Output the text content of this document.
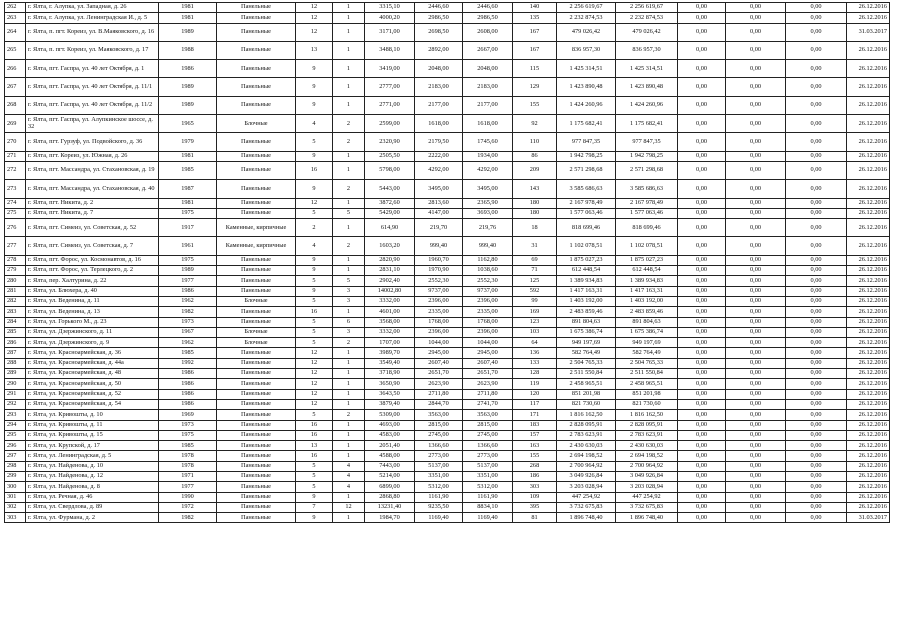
262	г. Ялта, г. Алупка, ул. Западная, д. 26	1981	Панельные	12	1	3315,10	2446,60	2446,60	140	2 256 619,67	2 256 619,67	0,00	0,00	0,00	26.12.2016
263	г. Ялта, г. Алупка, ул. Ленинградская И., д. 5	1981	Панельные	12	1	4000,20	2986,50	2986,50	135	2 232 874,53	2 232 874,53	0,00	0,00	0,00	26.12.2016
264	г. Ялта, п. пгт. Кореиз, ул. В.Маяковского, д. 16	1989	Панельные	12	1	3171,00	2698,50	2608,00	167	479 026,42	479 026,42	0,00	0,00	0,00	31.03.2017
265	г. Ялта, п. пгт. Кореиз, ул. Маяковского, д. 17	1988	Панельные	13	1	3488,10	2892,00	2667,00	167	836 957,30	836 957,30	0,00	0,00	0,00	26.12.2016
266	г. Ялта, пгт. Гаспра, ул. 40 лет Октября, д. 1	1986	Панельные	9	1	3419,00	2048,00	2048,00	115	1 425 314,51	1 425 314,51	0,00	0,00	0,00	26.12.2016
267	г. Ялта, пгт. Гаспра, ул. 40 лет Октября, д. 11/1	1989	Панельные	9	1	2777,00	2183,00	2183,00	129	1 423 890,48	1 423 890,48	0,00	0,00	0,00	26.12.2016
268	г. Ялта, пгт. Гаспра, ул. 40 лет Октября, д. 11/2	1989	Панельные	9	1	2771,00	2177,00	2177,00	155	1 424 260,96	1 424 260,96	0,00	0,00	0,00	26.12.2016
269	г. Ялта, пгт. Гаспра, ул. Алупкинское шоссе, д. 32	1965	Блочные	4	2	2599,00	1618,00	1618,00	92	1 175 682,41	1 175 682,41	0,00	0,00	0,00	26.12.2016
270	г. Ялта, пгт. Гурзуф, ул. Подвойского, д. 36	1979	Панельные	5	2	2320,90	2179,50	1745,60	110	977 847,35	977 847,35	0,00	0,00	0,00	26.12.2016
271	г. Ялта, пгт. Кореиз, ул. Южная, д. 26	1981	Панельные	9	1	2505,50	2222,00	1934,00	86	1 942 798,25	1 942 798,25	0,00	0,00	0,00	26.12.2016
272	г. Ялта, пгт. Массандра, ул. Стахановская, д. 19	1985	Панельные	16	1	5798,00	4292,00	4292,00	209	2 571 298,68	2 571 298,68	0,00	0,00	0,00	26.12.2016
273	г. Ялта, пгт. Массандра, ул. Стахановская, д. 40	1987	Панельные	9	2	5443,00	3495,00	3495,00	143	3 585 686,63	3 585 686,63	0,00	0,00	0,00	26.12.2016
274	г. Ялта, пгт. Никита, д. 2	1981	Панельные	12	1	3872,60	2813,60	2365,90	180	2 167 978,49	2 167 978,49	0,00	0,00	0,00	26.12.2016
275	г. Ялта, пгт. Никита, д. 7	1975	Панельные	5	5	5429,00	4147,00	3693,00	180	1 577 063,46	1 577 063,46	0,00	0,00	0,00	26.12.2016
276	г. Ялта, пгт. Симеиз, ул. Советская, д. 52	1917	Каменные, кирпичные	2	1	614,90	219,70	219,76	18	818 699,46	818 699,46	0,00	0,00	0,00	26.12.2016
277	г. Ялта, пгт. Симеиз, ул. Советская, д. 7	1961	Каменные, кирпичные	4	2	1603,20	999,40	999,40	31	1 102 078,51	1 102 078,51	0,00	0,00	0,00	26.12.2016
278	г. Ялта, пгт. Форос, ул. Космонавтов, д. 16	1975	Панельные	9	1	2820,90	1960,70	1162,80	69	1 875 027,23	1 875 027,23	0,00	0,00	0,00	26.12.2016
279	г. Ялта, пгт. Форос, ул. Терлецкого, д. 2	1989	Панельные	9	1	2831,10	1970,90	1038,60	71	612 448,54	612 448,54	0,00	0,00	0,00	26.12.2016
280	г. Ялта, пер. Халтурина, д. 22	1977	Панельные	5	5	2902,40	2552,30	2552,30	125	1 389 934,83	1 389 934,83	0,00	0,00	0,00	26.12.2016
281	г. Ялта, ул. Блюхера, д. 40	1986	Панельные	9	3	14002,80	9737,00	9737,00	592	1 417 163,31	1 417 163,31	0,00	0,00	0,00	26.12.2016
282	г. Ялта, ул. Веденина, д. 11	1962	Блочные	5	3	3332,00	2396,00	2396,00	99	1 403 192,00	1 403 192,00	0,00	0,00	0,00	26.12.2016
283	г. Ялта, ул. Веденина, д. 13	1982	Панельные	16	1	4601,00	2335,00	2335,00	169	2 483 859,46	2 483 859,46	0,00	0,00	0,00	26.12.2016
284	г. Ялта, ул. Горького М., д. 23	1973	Панельные	5	6	3568,00	1768,00	1768,00	123	891 804,63	891 804,63	0,00	0,00	0,00	26.12.2016
285	г. Ялта, ул. Дзержинского, д. 11	1967	Блочные	5	3	3332,00	2396,00	2396,00	103	1 675 386,74	1 675 386,74	0,00	0,00	0,00	26.12.2016
286	г. Ялта, ул. Дзержинского, д. 9	1962	Блочные	5	2	1707,00	1044,00	1044,00	64	949 197,69	949 197,69	0,00	0,00	0,00	26.12.2016
287	г. Ялта, ул. Красноармейская, д. 36	1985	Панельные	12	1	3989,70	2945,00	2945,00	136	582 764,49	582 764,49	0,00	0,00	0,00	26.12.2016
288	г. Ялта, ул. Красноармейская, д. 44а	1992	Панельные	12	1	3549,40	2607,40	2607,40	133	2 504 765,33	2 504 765,33	0,00	0,00	0,00	26.12.2016
289	г. Ялта, ул. Красноармейская, д. 48	1986	Панельные	12	1	3718,90	2651,70	2651,70	128	2 511 550,84	2 511 550,84	0,00	0,00	0,00	26.12.2016
290	г. Ялта, ул. Красноармейская, д. 50	1986	Панельные	12	1	3650,90	2623,90	2623,90	119	2 458 965,51	2 458 965,51	0,00	0,00	0,00	26.12.2016
291	г. Ялта, ул. Красноармейская, д. 52	1986	Панельные	12	1	3643,50	2711,80	2711,80	120	851 201,98	851 201,98	0,00	0,00	0,00	26.12.2016
292	г. Ялта, ул. Красноармейская, д. 54	1986	Панельные	12	1	3879,40	2844,70	2741,70	117	821 730,60	821 730,60	0,00	0,00	0,00	26.12.2016
293	г. Ялта, ул. Кривошты, д. 10	1969	Панельные	5	2	5309,00	3563,00	3563,00	171	1 816 162,50	1 816 162,50	0,00	0,00	0,00	26.12.2016
294	г. Ялта, ул. Кривошты, д. 11	1973	Панельные	16	1	4693,00	2815,00	2815,00	183	2 828 095,91	2 828 095,91	0,00	0,00	0,00	26.12.2016
295	г. Ялта, ул. Кривошты, д. 15	1975	Панельные	16	1	4583,00	2745,00	2745,00	157	2 783 623,91	2 783 623,91	0,00	0,00	0,00	26.12.2016
296	г. Ялта, ул. Крупской, д. 17	1985	Панельные	13	1	2051,40	1366,60	1366,60	163	2 430 630,03	2 430 630,03	0,00	0,00	0,00	26.12.2016
297	г. Ялта, ул. Ленинградская, д. 5	1978	Панельные	16	1	4588,00	2773,00	2773,00	155	2 694 198,52	2 694 198,52	0,00	0,00	0,00	26.12.2016
298	г. Ялта, ул. Найденова, д. 10	1978	Панельные	5	4	7443,00	5137,00	5137,00	268	2 700 964,92	2 700 964,92	0,00	0,00	0,00	26.12.2016
299	г. Ялта, ул. Найденова, д. 12	1971	Панельные	5	4	5214,00	3351,00	3351,00	186	3 049 926,84	3 049 926,84	0,00	0,00	0,00	26.12.2016
300	г. Ялта, ул. Найденова, д. 8	1977	Панельные	5	4	6899,00	5312,00	5312,00	303	3 203 028,94	3 203 028,94	0,00	0,00	0,00	26.12.2016
301	г. Ялта, ул. Речная, д. 46	1990	Панельные	9	1	2868,80	1161,90	1161,90	109	447 254,92	447 254,92	0,00	0,00	0,00	26.12.2016
302	г. Ялта, ул. Свердлова, д. 89	1972	Панельные	7	12	13231,40	9235,50	8834,10	395	3 732 675,83	3 732 675,83	0,00	0,00	0,00	26.12.2016
303	г. Ялта, ул. Фурмана, д. 2	1982	Панельные	9	1	1984,70	1169,40	1169,40	81	1 896 748,40	1 896 748,40	0,00	0,00	0,00	31.03.2017
